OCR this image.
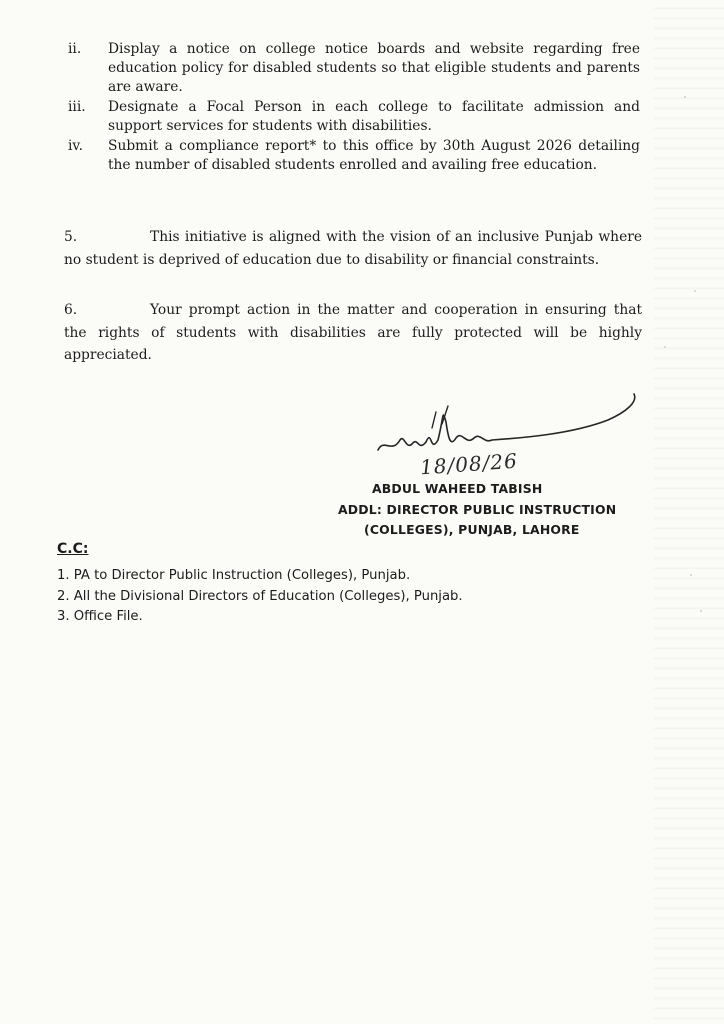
ii.	Display a notice on college notice boards and website regarding free education policy for disabled students so that eligible students and parents are aware.
iii.	Designate a Focal Person in each college to facilitate admission and support services for students with disabilities.
iv.	Submit a compliance report* to this office by 30th August 2026 detailing the number of disabled students enrolled and availing free education.
5.	This initiative is aligned with the vision of an inclusive Punjab where no student is deprived of education due to disability or financial constraints.
6.	Your prompt action in the matter and cooperation in ensuring that the rights of students with disabilities are fully protected will be highly appreciated.
18/08/26
ABDUL WAHEED TABISH
ADDL: DIRECTOR PUBLIC INSTRUCTION
(COLLEGES), PUNJAB, LAHORE
C.C:
1. PA to Director Public Instruction (Colleges), Punjab.
2. All the Divisional Directors of Education (Colleges), Punjab.
3. Office File.
